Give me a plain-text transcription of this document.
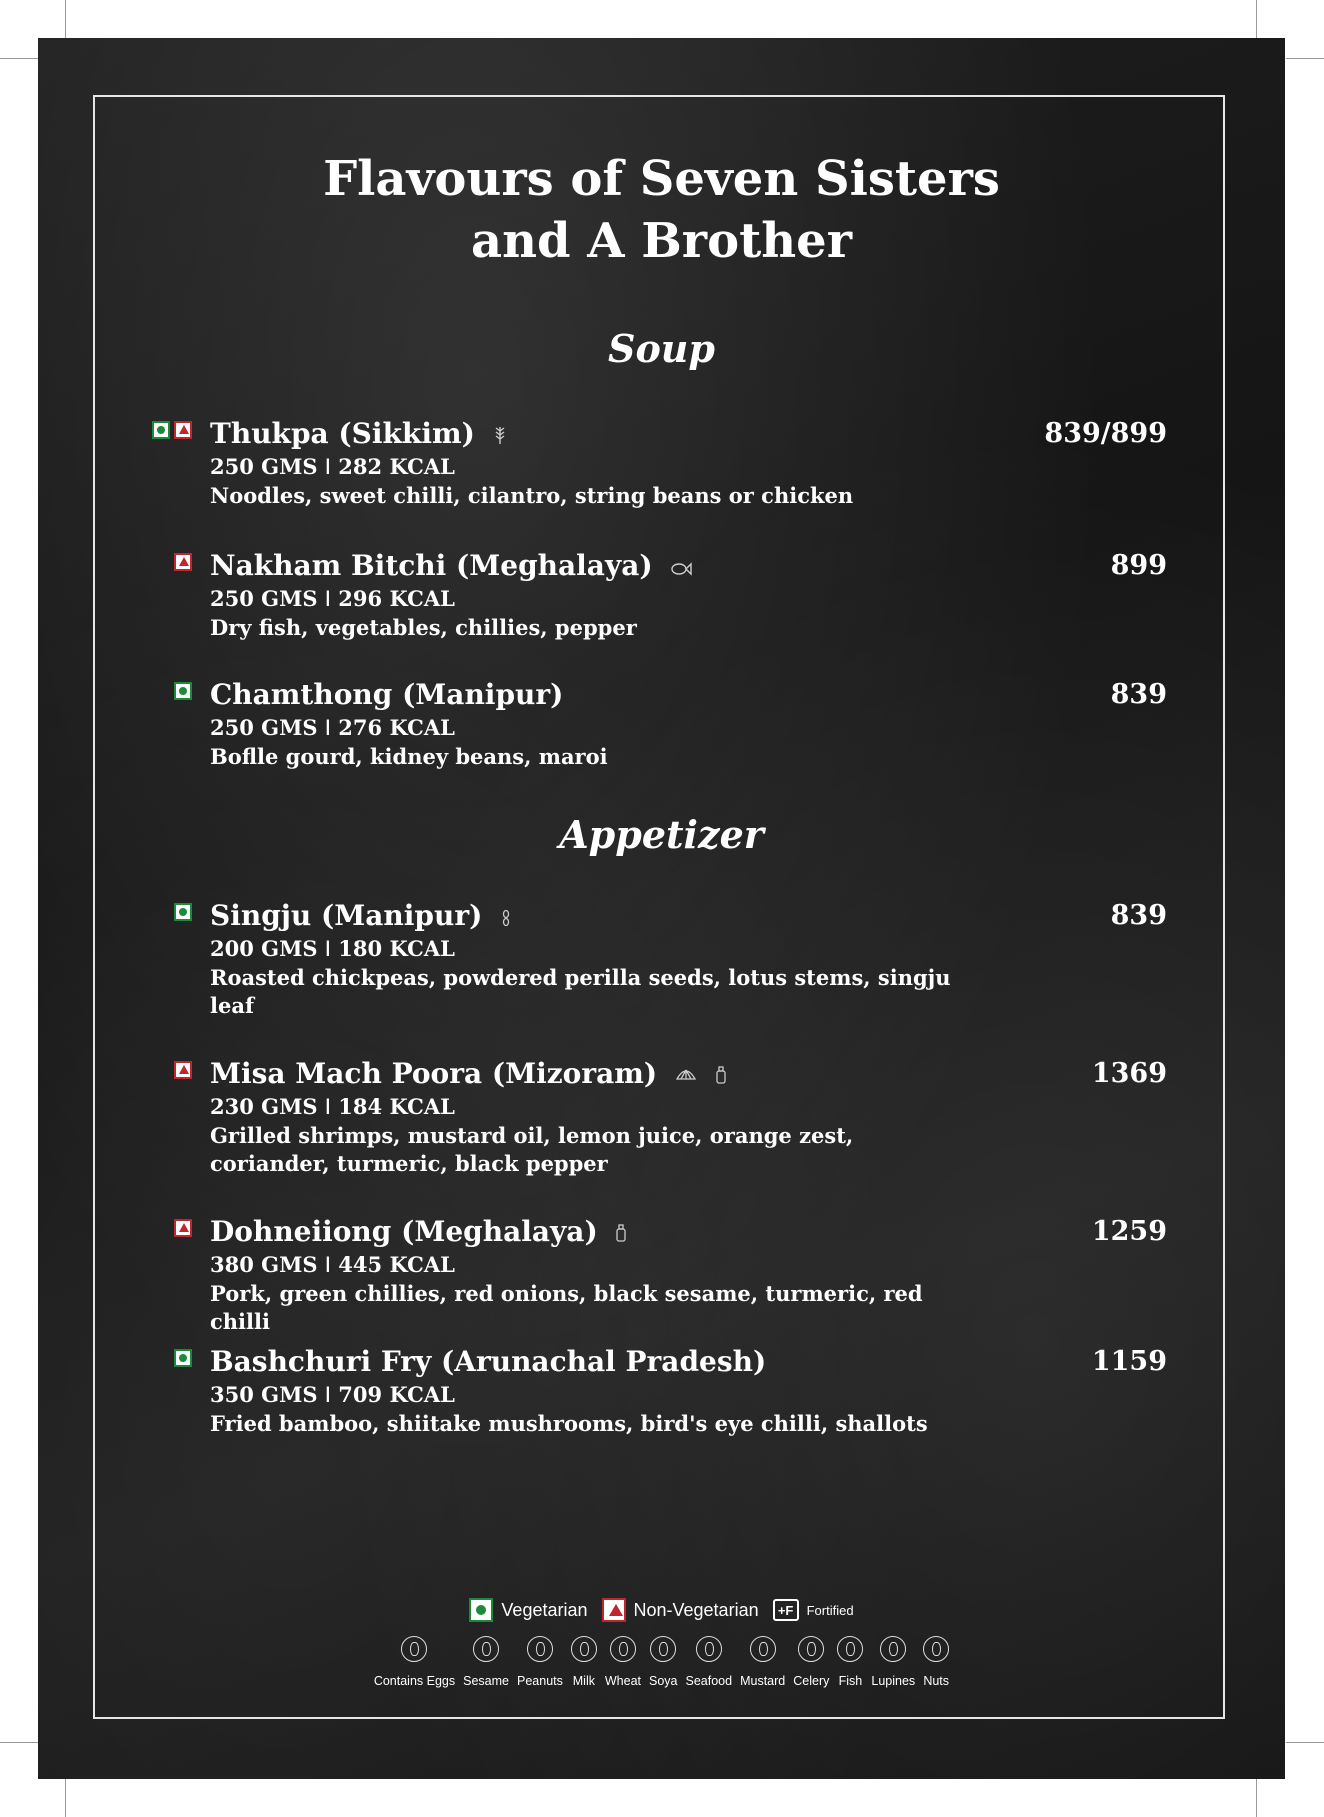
Flavours of Seven Sisters
and A Brother
Soup
Thukpa (Sikkim)	839/899
250 GMS ǀ 282 KCAL
Noodles, sweet chilli, cilantro, string beans or chicken
Nakham Bitchi (Meghalaya)	899
250 GMS ǀ 296 KCAL
Dry fish, vegetables, chillies, pepper
Chamthong (Manipur)	839
250 GMS ǀ 276 KCAL
Boflle gourd, kidney beans, maroi
Appetizer
Singju (Manipur)	839
200 GMS ǀ 180 KCAL
Roasted chickpeas, powdered perilla seeds, lotus stems, singju leaf
Misa Mach Poora (Mizoram)	1369
230 GMS ǀ 184 KCAL
Grilled shrimps, mustard oil, lemon juice, orange zest, coriander, turmeric, black pepper
Dohneiiong (Meghalaya)	1259
380 GMS ǀ 445 KCAL
Pork, green chillies, red onions, black sesame, turmeric, red chilli
Bashchuri Fry (Arunachal Pradesh)	1159
350 GMS ǀ 709 KCAL
Fried bamboo, shiitake mushrooms, bird's eye chilli, shallots
Vegetarian	Non-Vegetarian	+F	Fortified
Contains Eggs Sesame Peanuts Milk Wheat Soya Seafood Mustard Celery Fish Lupines Nuts
